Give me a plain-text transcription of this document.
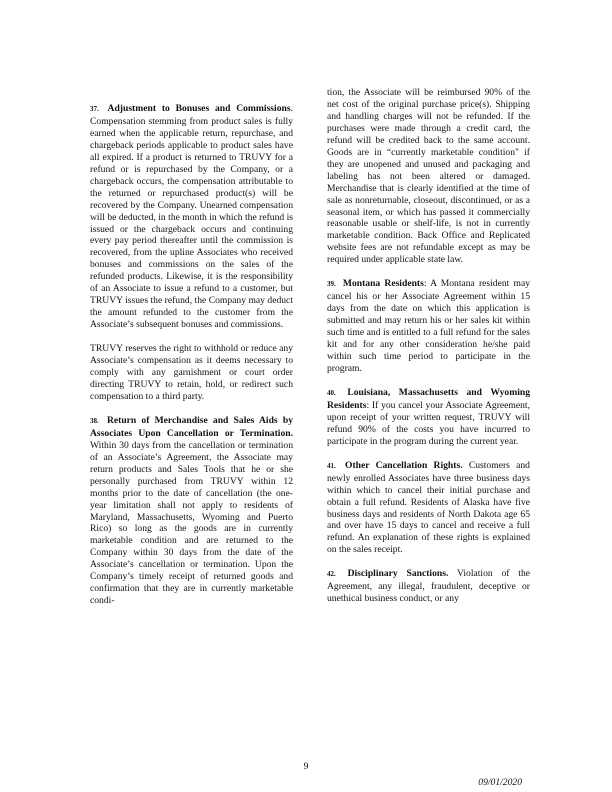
37. Adjustment to Bonuses and Commissions. Compensation stemming from product sales is fully earned when the applicable return, repurchase, and chargeback periods applicable to product sales have all expired. If a product is returned to TRUVY for a refund or is repurchased by the Company, or a chargeback occurs, the compensation attributable to the returned or repurchased product(s) will be recovered by the Company. Unearned compensation will be deducted, in the month in which the refund is issued or the chargeback occurs and continuing every pay period thereafter until the commission is recovered, from the upline Associates who received bonuses and commissions on the sales of the refunded products. Likewise, it is the responsibility of an Associate to issue a refund to a customer, but TRUVY issues the refund, the Company may deduct the amount refunded to the customer from the Associate’s subsequent bonuses and commissions.

TRUVY reserves the right to withhold or reduce any Associate’s compensation as it deems necessary to comply with any garnishment or court order directing TRUVY to retain, hold, or redirect such compensation to a third party.

38. Return of Merchandise and Sales Aids by Associates Upon Cancellation or Termination. Within 30 days from the cancellation or termination of an Associate’s Agreement, the Associate may return products and Sales Tools that he or she personally purchased from TRUVY within 12 months prior to the date of cancellation (the one-year limitation shall not apply to residents of Maryland, Massachusetts, Wyoming and Puerto Rico) so long as the goods are in currently marketable condition and are returned to the Company within 30 days from the date of the Associate’s cancellation or termination. Upon the Company’s timely receipt of returned goods and confirmation that they are in currently marketable condi-

tion, the Associate will be reimbursed 90% of the net cost of the original purchase price(s). Shipping and handling charges will not be refunded. If the purchases were made through a credit card, the refund will be credited back to the same account. Goods are in “currently marketable condition" if they are unopened and unused and packaging and labeling has not been altered or damaged. Merchandise that is clearly identified at the time of sale as nonreturnable, closeout, discontinued, or as a seasonal item, or which has passed it commercially reasonable usable or shelf-life, is not in currently marketable condition. Back Office and Replicated website fees are not refundable except as may be required under applicable state law.

39. Montana Residents: A Montana resident may cancel his or her Associate Agreement within 15 days from the date on which this application is submitted and may return his or her sales kit within such time and is entitled to a full refund for the sales kit and for any other consideration he/she paid within such time period to participate in the program.

40. Louisiana, Massachusetts and Wyoming Residents: If you cancel your Associate Agreement, upon receipt of your written request, TRUVY will refund 90% of the costs you have incurred to participate in the program during the current year.

41. Other Cancellation Rights. Customers and newly enrolled Associates have three business days within which to cancel their initial purchase and obtain a full refund. Residents of Alaska have five business days and residents of North Dakota age 65 and over have 15 days to cancel and receive a full refund. An explanation of these rights is explained on the sales receipt.

42. Disciplinary Sanctions. Violation of the Agreement, any illegal, fraudulent, deceptive or unethical business conduct, or any

9
09/01/2020
